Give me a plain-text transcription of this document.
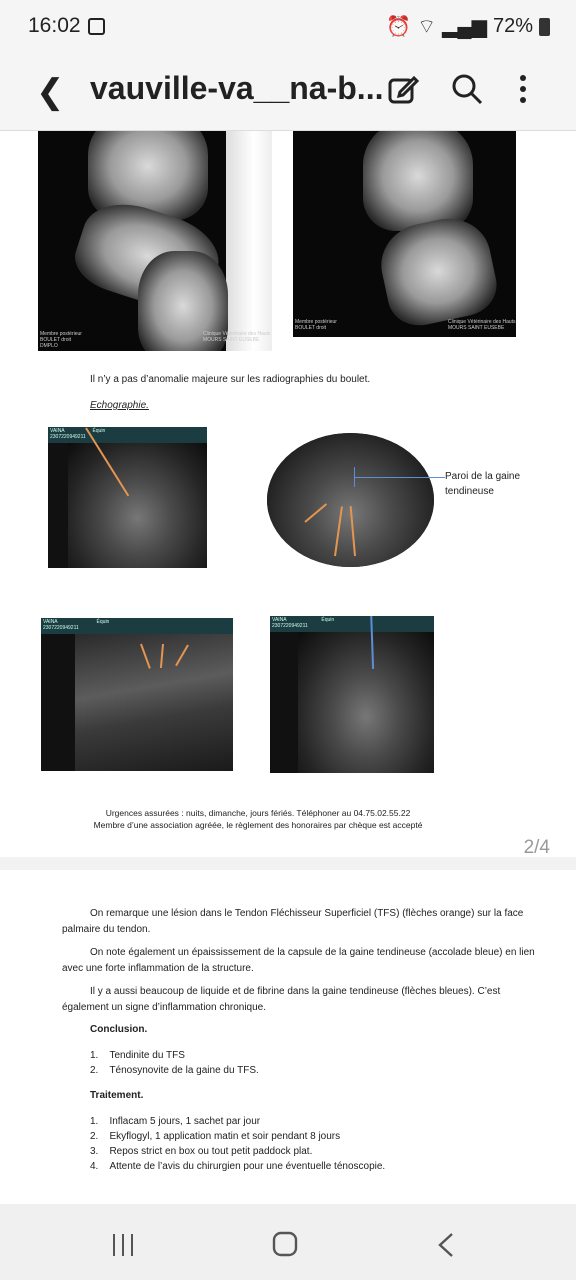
16:02	⏰ ⌔ ▂▄▆ 72%
❮ vauville-va__na-b...
Membre postérieur
BOULET droit
DMPLO
Clinique Vétérinaire des Hauts
MOURS SAINT EUSEBE
Membre postérieur
BOULET droit
Clinique Vétérinaire des Hauts
MOURS SAINT EUSEBE
Il n’y a pas d’anomalie majeure sur les radiographies du boulet.
Echographie.
VAINA	Équin
2307220949211
Paroi de la gaine
tendineuse
VAINA	Équin
2307220949211
VAINA	Équin
2307220949211
Urgences assurées : nuits, dimanche, jours fériés. Téléphoner au 04.75.02.55.22
Membre d’une association agréée, le règlement des honoraires par chèque est accepté
2/4
On remarque une lésion dans le Tendon Fléchisseur Superficiel (TFS) (flèches orange) sur la face palmaire du tendon.
On note également un épaississement de la capsule de la gaine tendineuse (accolade bleue) en lien avec une forte inflammation de la structure.
Il y a aussi beaucoup de liquide et de fibrine dans la gaine tendineuse (flèches bleues). C’est également un signe d’inflammation chronique.
Conclusion.
1.    Tendinite du TFS
2.    Ténosynovite de la gaine du TFS.
Traitement.
1.    Inflacam 5 jours, 1 sachet par jour
2.    Ekyflogyl, 1 application matin et soir pendant 8 jours
3.    Repos strict en box ou tout petit paddock plat.
4.    Attente de l’avis du chirurgien pour une éventuelle ténoscopie.
